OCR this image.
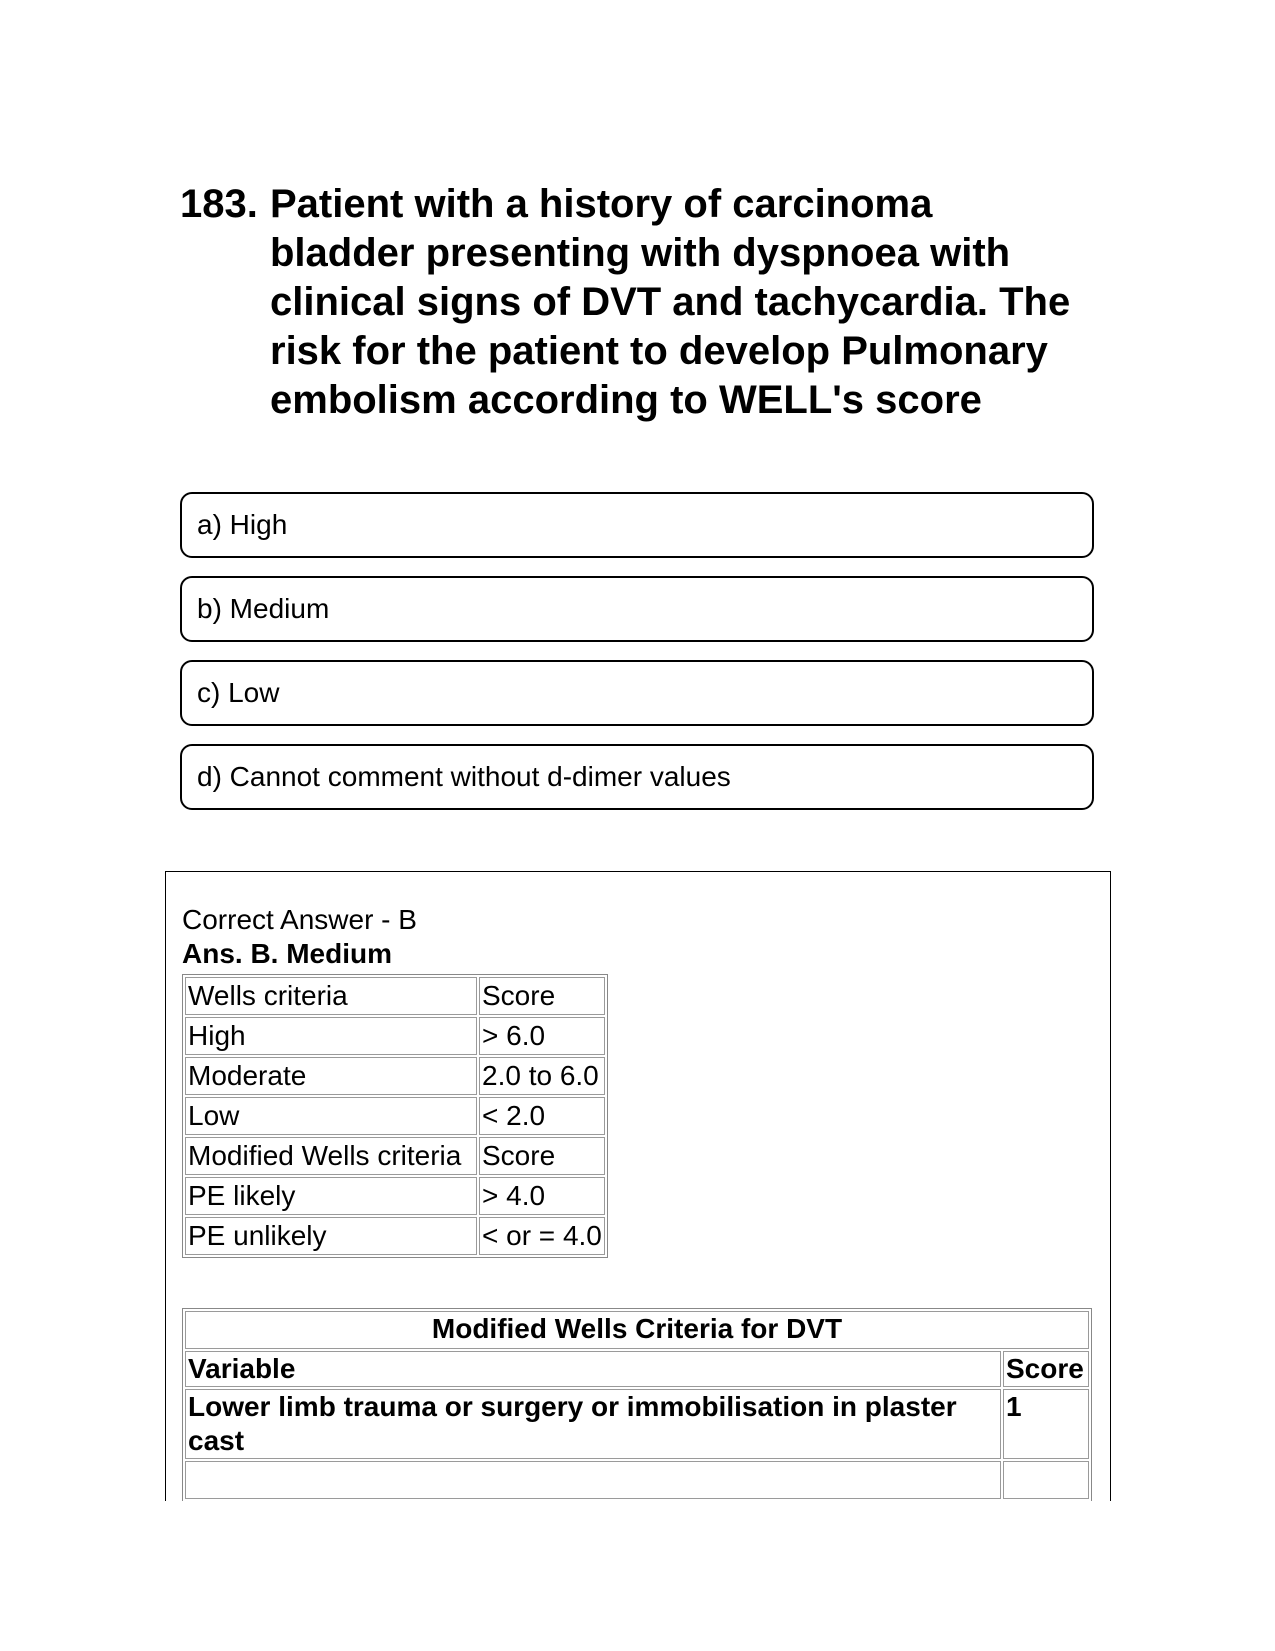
183. Patient with a history of carcinoma bladder presenting with dyspnoea with clinical signs of DVT and tachycardia. The risk for the patient to develop Pulmonary embolism according to WELL's score
a) High
b) Medium
c) Low
d) Cannot comment without d-dimer values
Correct Answer - B
Ans. B. Medium
Wells criteria	Score
High	> 6.0
Moderate	2.0 to 6.0
Low	< 2.0
Modified Wells criteria	Score
PE likely	> 4.0
PE unlikely	< or = 4.0
Modified Wells Criteria for DVT	
Variable	Score
Lower limb trauma or surgery or immobilisation in plaster cast	1
